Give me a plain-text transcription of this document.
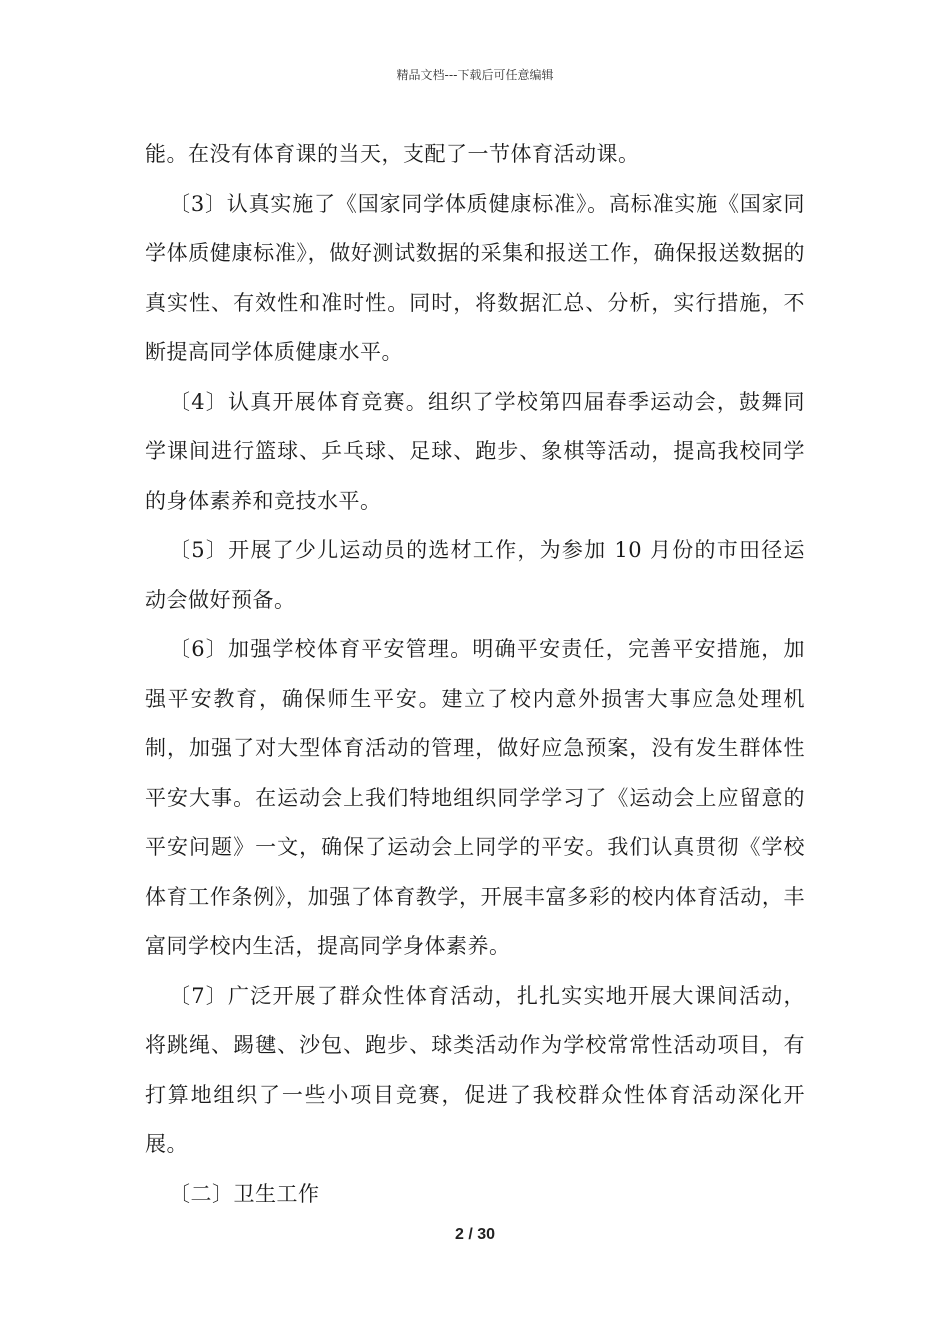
精品文档---下载后可任意编辑

能。在没有体育课的当天，支配了一节体育活动课。

〔3〕认真实施了《国家同学体质健康标准》。高标准实施《国家同学体质健康标准》，做好测试数据的采集和报送工作，确保报送数据的真实性、有效性和准时性。同时，将数据汇总、分析，实行措施，不断提高同学体质健康水平。

〔4〕认真开展体育竞赛。组织了学校第四届春季运动会，鼓舞同学课间进行篮球、乒乓球、足球、跑步、象棋等活动，提高我校同学的身体素养和竞技水平。

〔5〕开展了少儿运动员的选材工作，为参加 10 月份的市田径运动会做好预备。

〔6〕加强学校体育平安管理。明确平安责任，完善平安措施，加强平安教育，确保师生平安。建立了校内意外损害大事应急处理机制，加强了对大型体育活动的管理，做好应急预案，没有发生群体性平安大事。在运动会上我们特地组织同学学习了《运动会上应留意的平安问题》一文，确保了运动会上同学的平安。我们认真贯彻《学校体育工作条例》，加强了体育教学，开展丰富多彩的校内体育活动，丰富同学校内生活，提高同学身体素养。

〔7〕广泛开展了群众性体育活动，扎扎实实地开展大课间活动，将跳绳、踢毽、沙包、跑步、球类活动作为学校常常性活动项目，有打算地组织了一些小项目竞赛，促进了我校群众性体育活动深化开展。

〔二〕卫生工作

2 / 30
